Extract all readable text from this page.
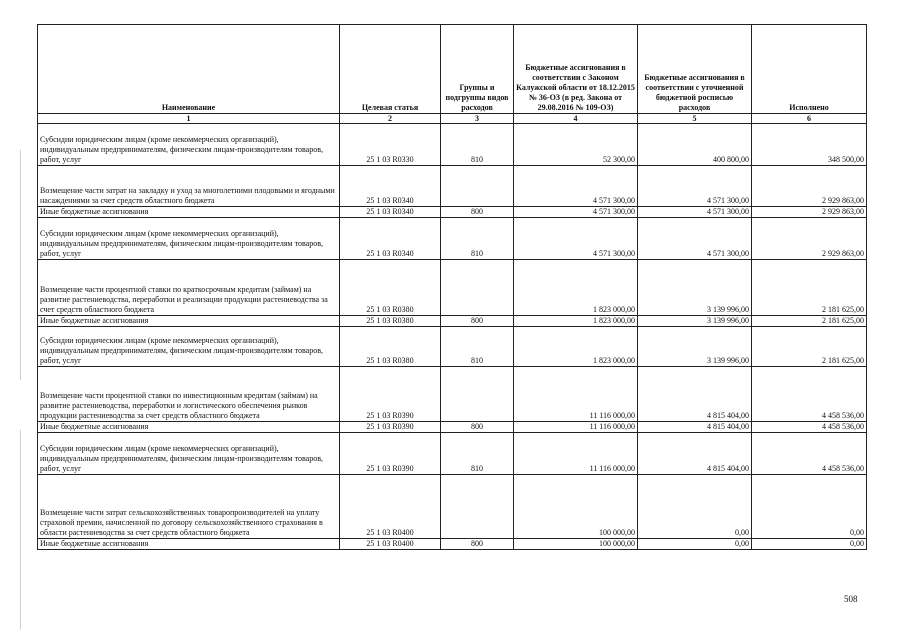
Наименование	Целевая статья	Группы и подгруппы видов расходов	Бюджетные ассигнования в соответствии с Законом Калужской области от 18.12.2015 № 36-ОЗ (в ред. Закона от 29.08.2016 № 109-ОЗ)	Бюджетные ассигнования в соответствии с уточненной бюджетной росписью расходов	Исполнено
1	2	3	4	5	6
Субсидии юридическим лицам (кроме некоммерческих организаций), индивидуальным предпринимателям, физическим лицам-производителям товаров, работ, услуг	25 1 03 R0330	810	52 300,00	400 800,00	348 500,00
Возмещение части затрат на закладку и уход за многолетними плодовыми и ягодными насаждениями за счет средств областного бюджета	25 1 03 R0340		4 571 300,00	4 571 300,00	2 929 863,00
Иные бюджетные ассигнования	25 1 03 R0340	800	4 571 300,00	4 571 300,00	2 929 863,00
Субсидии юридическим лицам (кроме некоммерческих организаций), индивидуальным предпринимателям, физическим лицам-производителям товаров, работ, услуг	25 1 03 R0340	810	4 571 300,00	4 571 300,00	2 929 863,00
Возмещение части процентной ставки по краткосрочным кредитам (займам) на развитие растениеводства, переработки и реализации продукции растениеводства за счет средств областного бюджета	25 1 03 R0380		1 823 000,00	3 139 996,00	2 181 625,00
Иные бюджетные ассигнования	25 1 03 R0380	800	1 823 000,00	3 139 996,00	2 181 625,00
Субсидии юридическим лицам (кроме некоммерческих организаций), индивидуальным предпринимателям, физическим лицам-производителям товаров, работ, услуг	25 1 03 R0380	810	1 823 000,00	3 139 996,00	2 181 625,00
Возмещение части процентной ставки по инвестиционным кредитам (займам) на развитие растениеводства, переработки и логистического обеспечения рынков продукции растениеводства за счет средств областного бюджета	25 1 03 R0390		11 116 000,00	4 815 404,00	4 458 536,00
Иные бюджетные ассигнования	25 1 03 R0390	800	11 116 000,00	4 815 404,00	4 458 536,00
Субсидии юридическим лицам (кроме некоммерческих организаций), индивидуальным предпринимателям, физическим лицам-производителям товаров, работ, услуг	25 1 03 R0390	810	11 116 000,00	4 815 404,00	4 458 536,00
Возмещение части затрат сельскохозяйственных товаропроизводителей на уплату страховой премии, начисленной по договору сельскохозяйственного страхования в области растениеводства за счет средств областного бюджета	25 1 03 R0400		100 000,00	0,00	0,00
Иные бюджетные ассигнования	25 1 03 R0400	800	100 000,00	0,00	0,00
508
